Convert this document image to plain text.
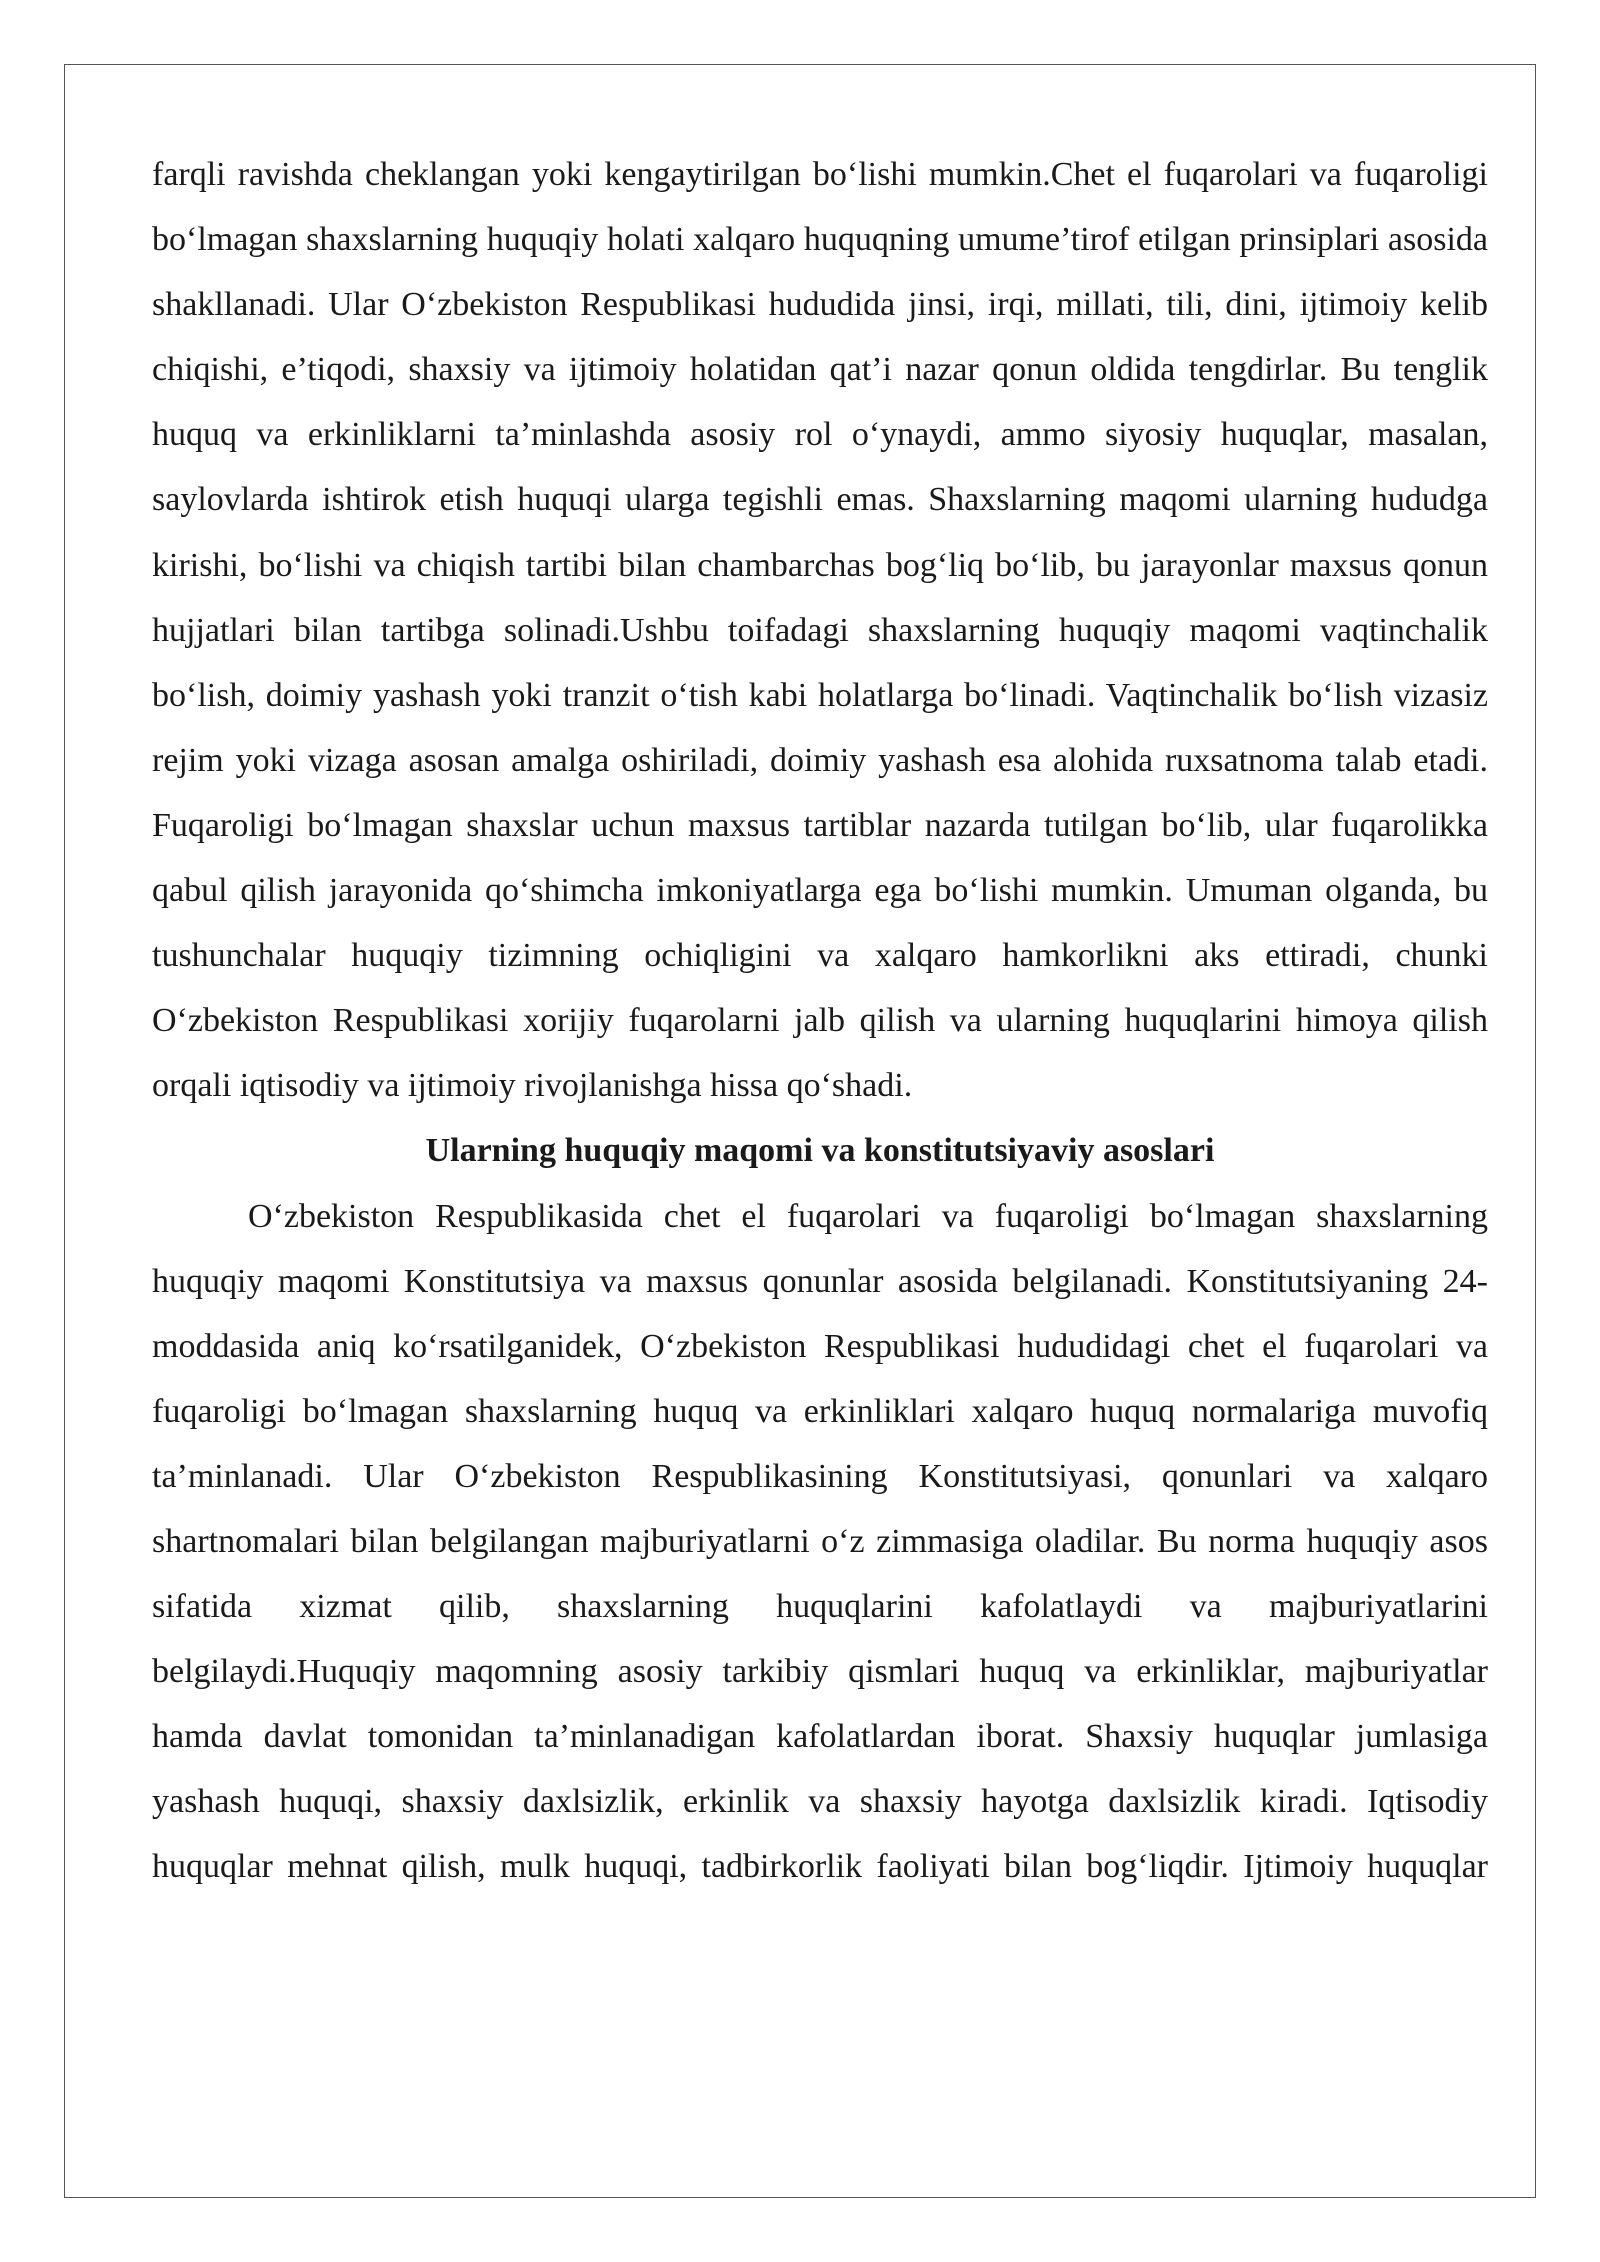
farqli ravishda cheklangan yoki kengaytirilgan bo‘lishi mumkin.Chet el fuqarolari va fuqaroligi bo‘lmagan shaxslarning huquqiy holati xalqaro huquqning umume’tirof etilgan prinsiplari asosida shakllanadi. Ular O‘zbekiston Respublikasi hududida jinsi, irqi, millati, tili, dini, ijtimoiy kelib chiqishi, e’tiqodi, shaxsiy va ijtimoiy holatidan qat’i nazar qonun oldida tengdirlar. Bu tenglik huquq va erkinliklarni ta’minlashda asosiy rol o‘ynaydi, ammo siyosiy huquqlar, masalan, saylovlarda ishtirok etish huquqi ularga tegishli emas. Shaxslarning maqomi ularning hududga kirishi, bo‘lishi va chiqish tartibi bilan chambarchas bog‘liq bo‘lib, bu jarayonlar maxsus qonun hujjatlari bilan tartibga solinadi.Ushbu toifadagi shaxslarning huquqiy maqomi vaqtinchalik bo‘lish, doimiy yashash yoki tranzit o‘tish kabi holatlarga bo‘linadi. Vaqtinchalik bo‘lish vizasiz rejim yoki vizaga asosan amalga oshiriladi, doimiy yashash esa alohida ruxsatnoma talab etadi. Fuqaroligi bo‘lmagan shaxslar uchun maxsus tartiblar nazarda tutilgan bo‘lib, ular fuqarolikka qabul qilish jarayonida qo‘shimcha imkoniyatlarga ega bo‘lishi mumkin. Umuman olganda, bu tushunchalar huquqiy tizimning ochiqligini va xalqaro hamkorlikni aks ettiradi, chunki O‘zbekiston Respublikasi xorijiy fuqarolarni jalb qilish va ularning huquqlarini himoya qilish orqali iqtisodiy va ijtimoiy rivojlanishga hissa qo‘shadi.

Ularning huquqiy maqomi va konstitutsiyaviy asoslari

O‘zbekiston Respublikasida chet el fuqarolari va fuqaroligi bo‘lmagan shaxslarning huquqiy maqomi Konstitutsiya va maxsus qonunlar asosida belgilanadi. Konstitutsiyaning 24-moddasida aniq ko‘rsatilganidek, O‘zbekiston Respublikasi hududidagi chet el fuqarolari va fuqaroligi bo‘lmagan shaxslarning huquq va erkinliklari xalqaro huquq normalariga muvofiq ta’minlanadi. Ular O‘zbekiston Respublikasining Konstitutsiyasi, qonunlari va xalqaro shartnomalari bilan belgilangan majburiyatlarni o‘z zimmasiga oladilar. Bu norma huquqiy asos sifatida xizmat qilib, shaxslarning huquqlarini kafolatlaydi va majburiyatlarini belgilaydi.Huquqiy maqomning asosiy tarkibiy qismlari huquq va erkinliklar, majburiyatlar hamda davlat tomonidan ta’minlanadigan kafolatlardan iborat. Shaxsiy huquqlar jumlasiga yashash huquqi, shaxsiy daxlsizlik, erkinlik va shaxsiy hayotga daxlsizlik kiradi. Iqtisodiy huquqlar mehnat qilish, mulk huquqi, tadbirkorlik faoliyati bilan bog‘liqdir. Ijtimoiy huquqlar
